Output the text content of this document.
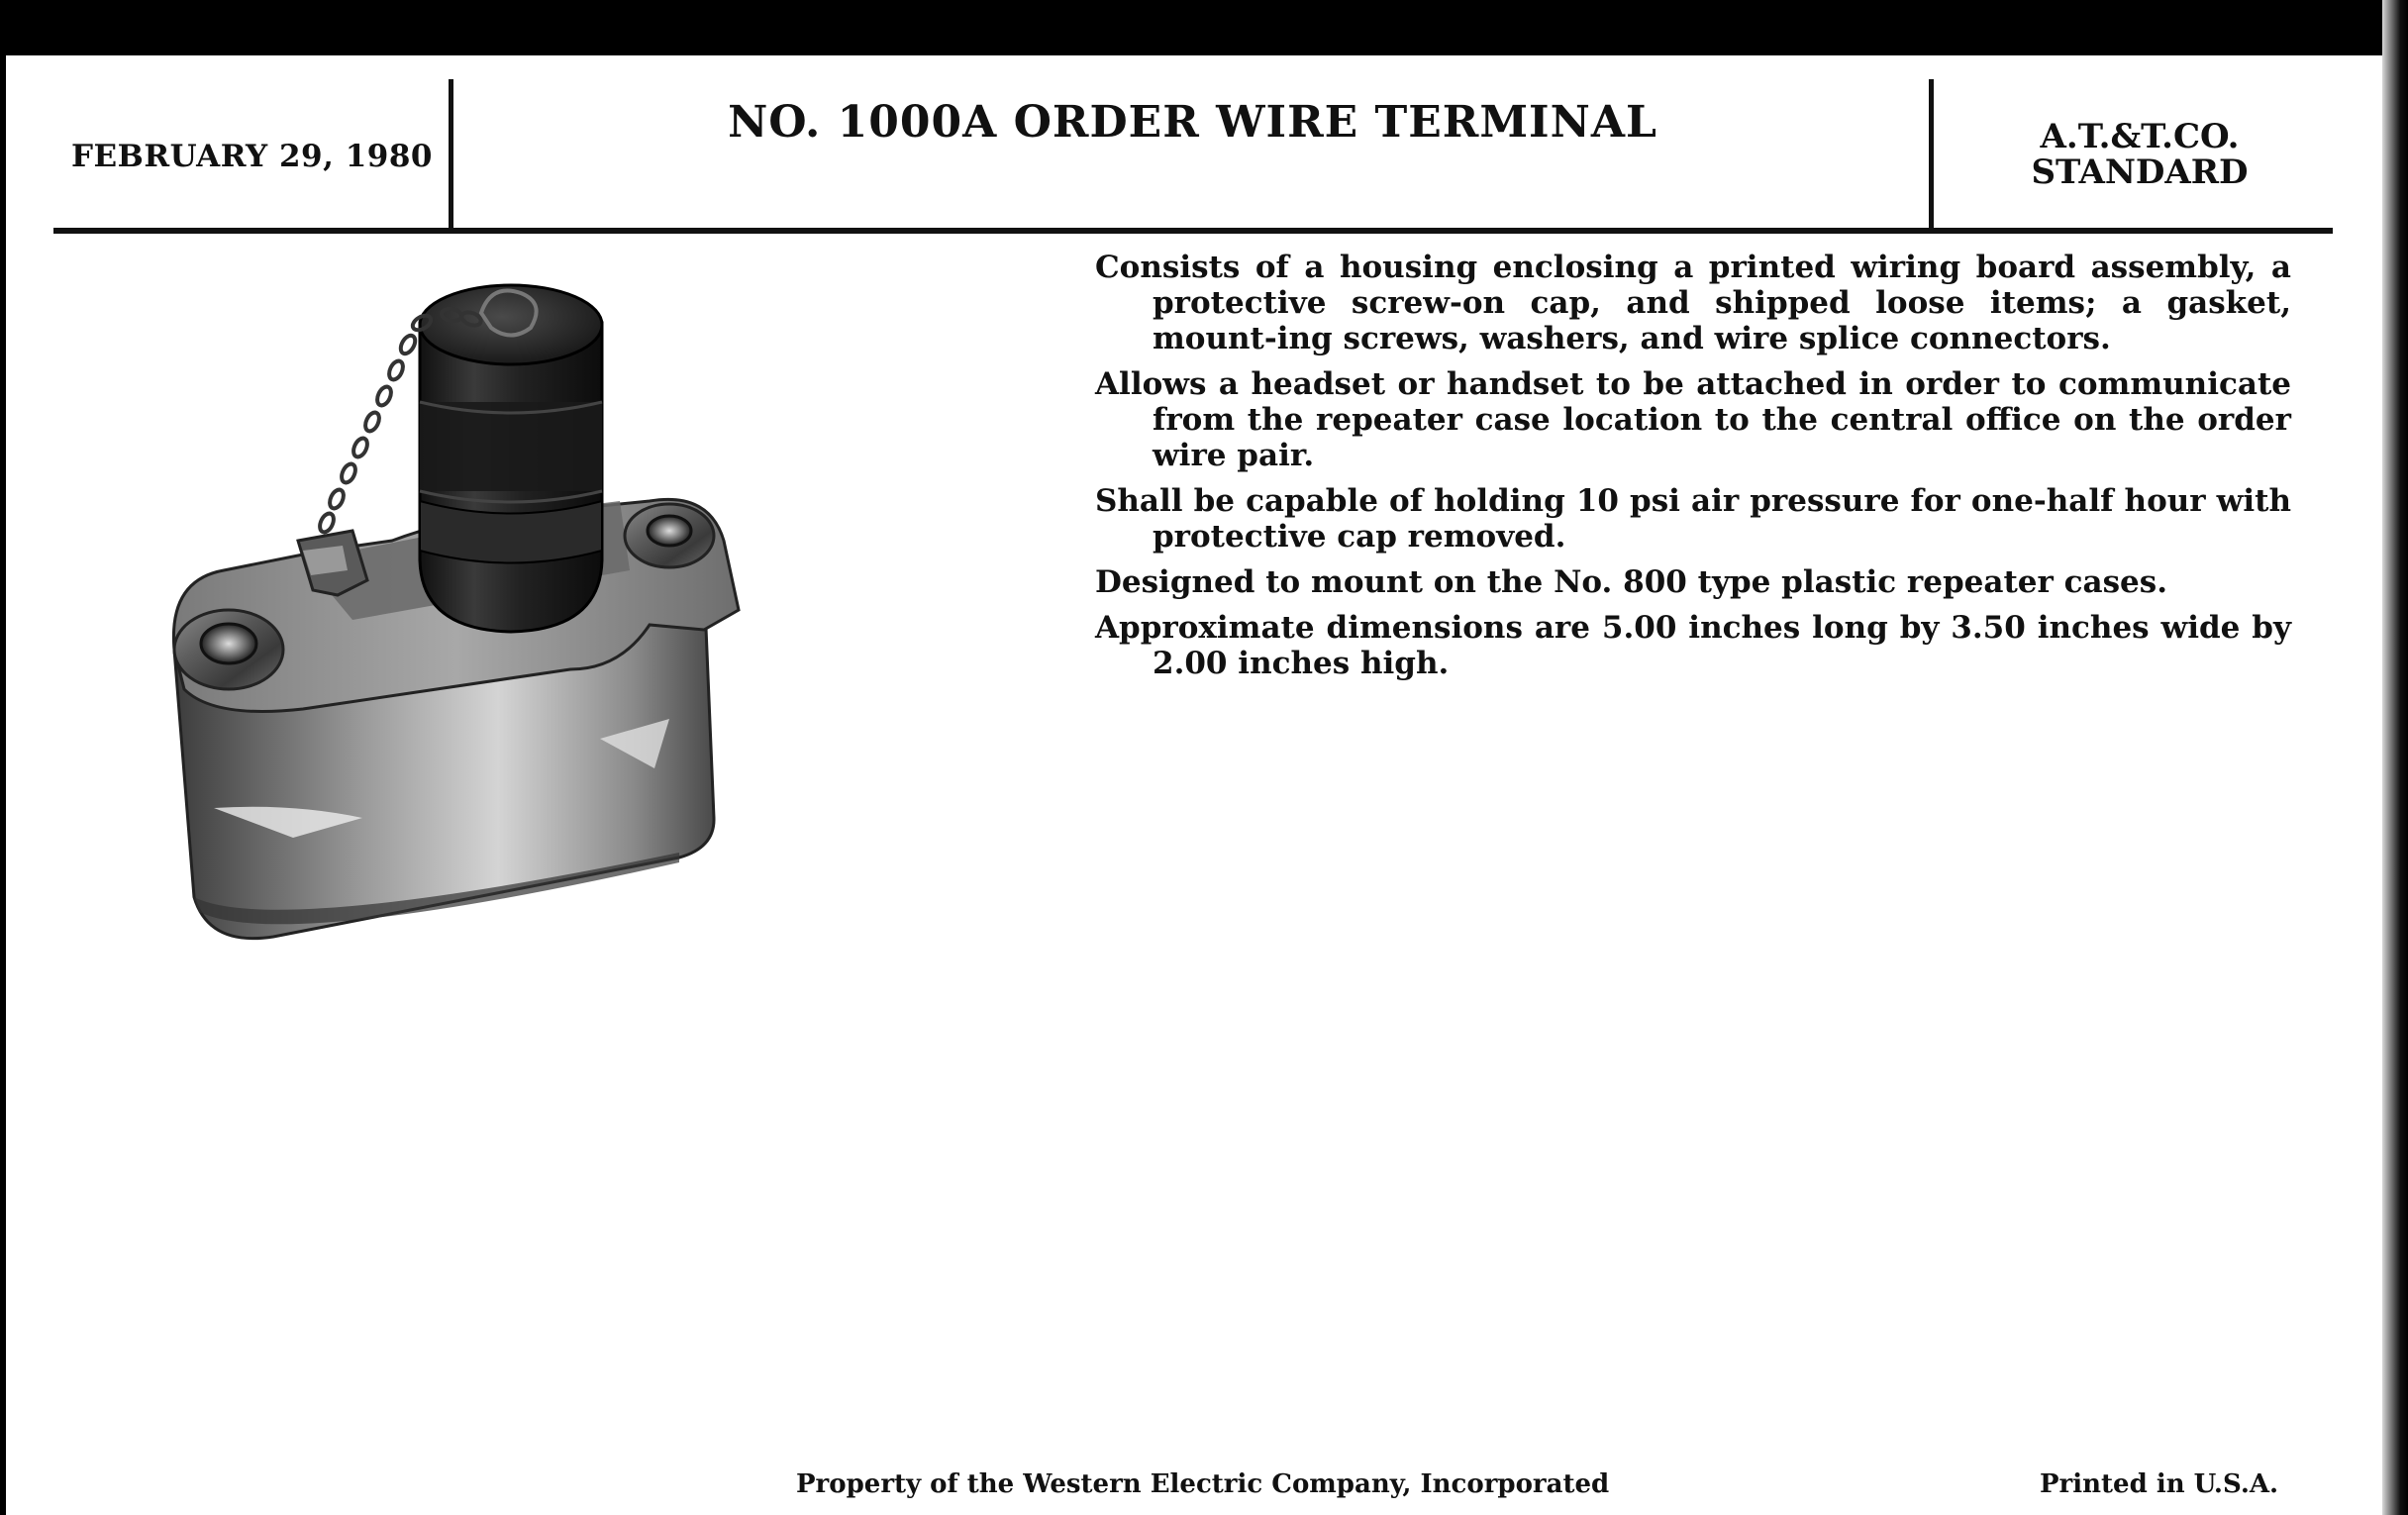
FEBRUARY 29, 1980
NO. 1000A ORDER WIRE TERMINAL	A.T.&T.CO.
STANDARD

Consists of a housing enclosing a printed wiring board assembly, a protective screw-on cap, and shipped loose items; a gasket, mount-ing screws, washers, and wire splice connectors.

Allows a headset or handset to be attached in order to communicate from the repeater case location to the central office on the order wire pair.

Shall be capable of holding 10 psi air pressure for one-half hour with protective cap removed.

Designed to mount on the No. 800 type plastic repeater cases.

Approximate dimensions are 5.00 inches long by 3.50 inches wide by 2.00 inches high.

Property of the Western Electric Company, Incorporated	Printed in U.S.A.
